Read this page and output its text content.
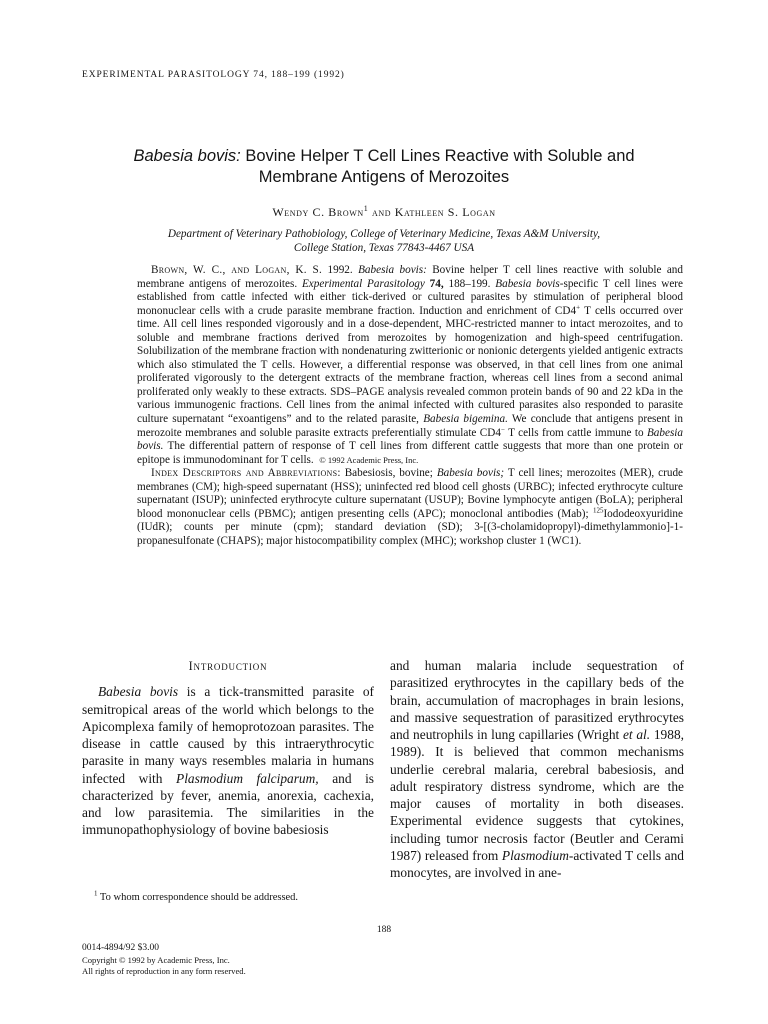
EXPERIMENTAL PARASITOLOGY 74, 188–199 (1992)
Babesia bovis: Bovine Helper T Cell Lines Reactive with Soluble and
Membrane Antigens of Merozoites
Wendy C. Brown$^1$ and Kathleen S. Logan
Department of Veterinary Pathobiology, College of Veterinary Medicine, Texas A&M University,
College Station, Texas 77843-4467 USA

Brown, W. C., and Logan, K. S. 1992. Babesia bovis: Bovine helper T cell lines reactive with soluble and membrane antigens of merozoites. Experimental Parasitology 74, 188–199. Babesia bovis-specific T cell lines were established from cattle infected with either tick-derived or cultured parasites by stimulation of peripheral blood mononuclear cells with a crude parasite membrane fraction. Induction and enrichment of CD4+ T cells occurred over time. All cell lines responded vigorously and in a dose-dependent, MHC-restricted manner to intact merozoites, and to soluble and membrane fractions derived from merozoites by homogenization and high-speed centrifugation. Solubilization of the membrane fraction with nondenaturing zwitterionic or nonionic detergents yielded antigenic extracts which also stimulated the T cells. However, a differential response was observed, in that cell lines from one animal proliferated vigorously to the detergent extracts of the membrane fraction, whereas cell lines from a second animal proliferated only weakly to these extracts. SDS–PAGE analysis revealed common protein bands of 90 and 22 kDa in the various immunogenic fractions. Cell lines from the animal infected with cultured parasites also responded to parasite culture supernatant “exoantigens” and to the related parasite, Babesia bigemina. We conclude that antigens present in merozoite membranes and soluble parasite extracts preferentially stimulate CD4− T cells from cattle immune to Babesia bovis. The differential pattern of response of T cell lines from different cattle suggests that more than one protein or epitope is immunodominant for T cells. © 1992 Academic Press, Inc.

Index Descriptors and Abbreviations: Babesiosis, bovine; Babesia bovis; T cell lines; merozoites (MER), crude membranes (CM); high-speed supernatant (HSS); uninfected red blood cell ghosts (URBC); infected erythrocyte culture supernatant (ISUP); uninfected erythrocyte culture supernatant (USUP); Bovine lymphocyte antigen (BoLA); peripheral blood mononuclear cells (PBMC); antigen presenting cells (APC); monoclonal antibodies (Mab); $^{125}$Iododeoxyuridine (IUdR); counts per minute (cpm); standard deviation (SD); 3-[(3-cholamidopropyl)-dimethylammonio]-1-propanesulfonate (CHAPS); major histocompatibility complex (MHC); workshop cluster 1 (WC1).

Introduction

Babesia bovis is a tick-transmitted parasite of semitropical areas of the world which belongs to the Apicomplexa family of hemoprotozoan parasites. The disease in cattle caused by this intraerythrocytic parasite in many ways resembles malaria in humans infected with Plasmodium falciparum, and is characterized by fever, anemia, anorexia, cachexia, and low parasitemia. The similarities in the immunopathophysiology of bovine babesiosis

and human malaria include sequestration of parasitized erythrocytes in the capillary beds of the brain, accumulation of macrophages in brain lesions, and massive sequestration of parasitized erythrocytes and neutrophils in lung capillaries (Wright et al. 1988, 1989). It is believed that common mechanisms underlie cerebral malaria, cerebral babesiosis, and adult respiratory distress syndrome, which are the major causes of mortality in both diseases. Experimental evidence suggests that cytokines, including tumor necrosis factor (Beutler and Cerami 1987) released from Plasmodium-activated T cells and monocytes, are involved in ane-

$^1$ To whom correspondence should be addressed.
188
0014-4894/92 $3.00
Copyright © 1992 by Academic Press, Inc.
All rights of reproduction in any form reserved.
